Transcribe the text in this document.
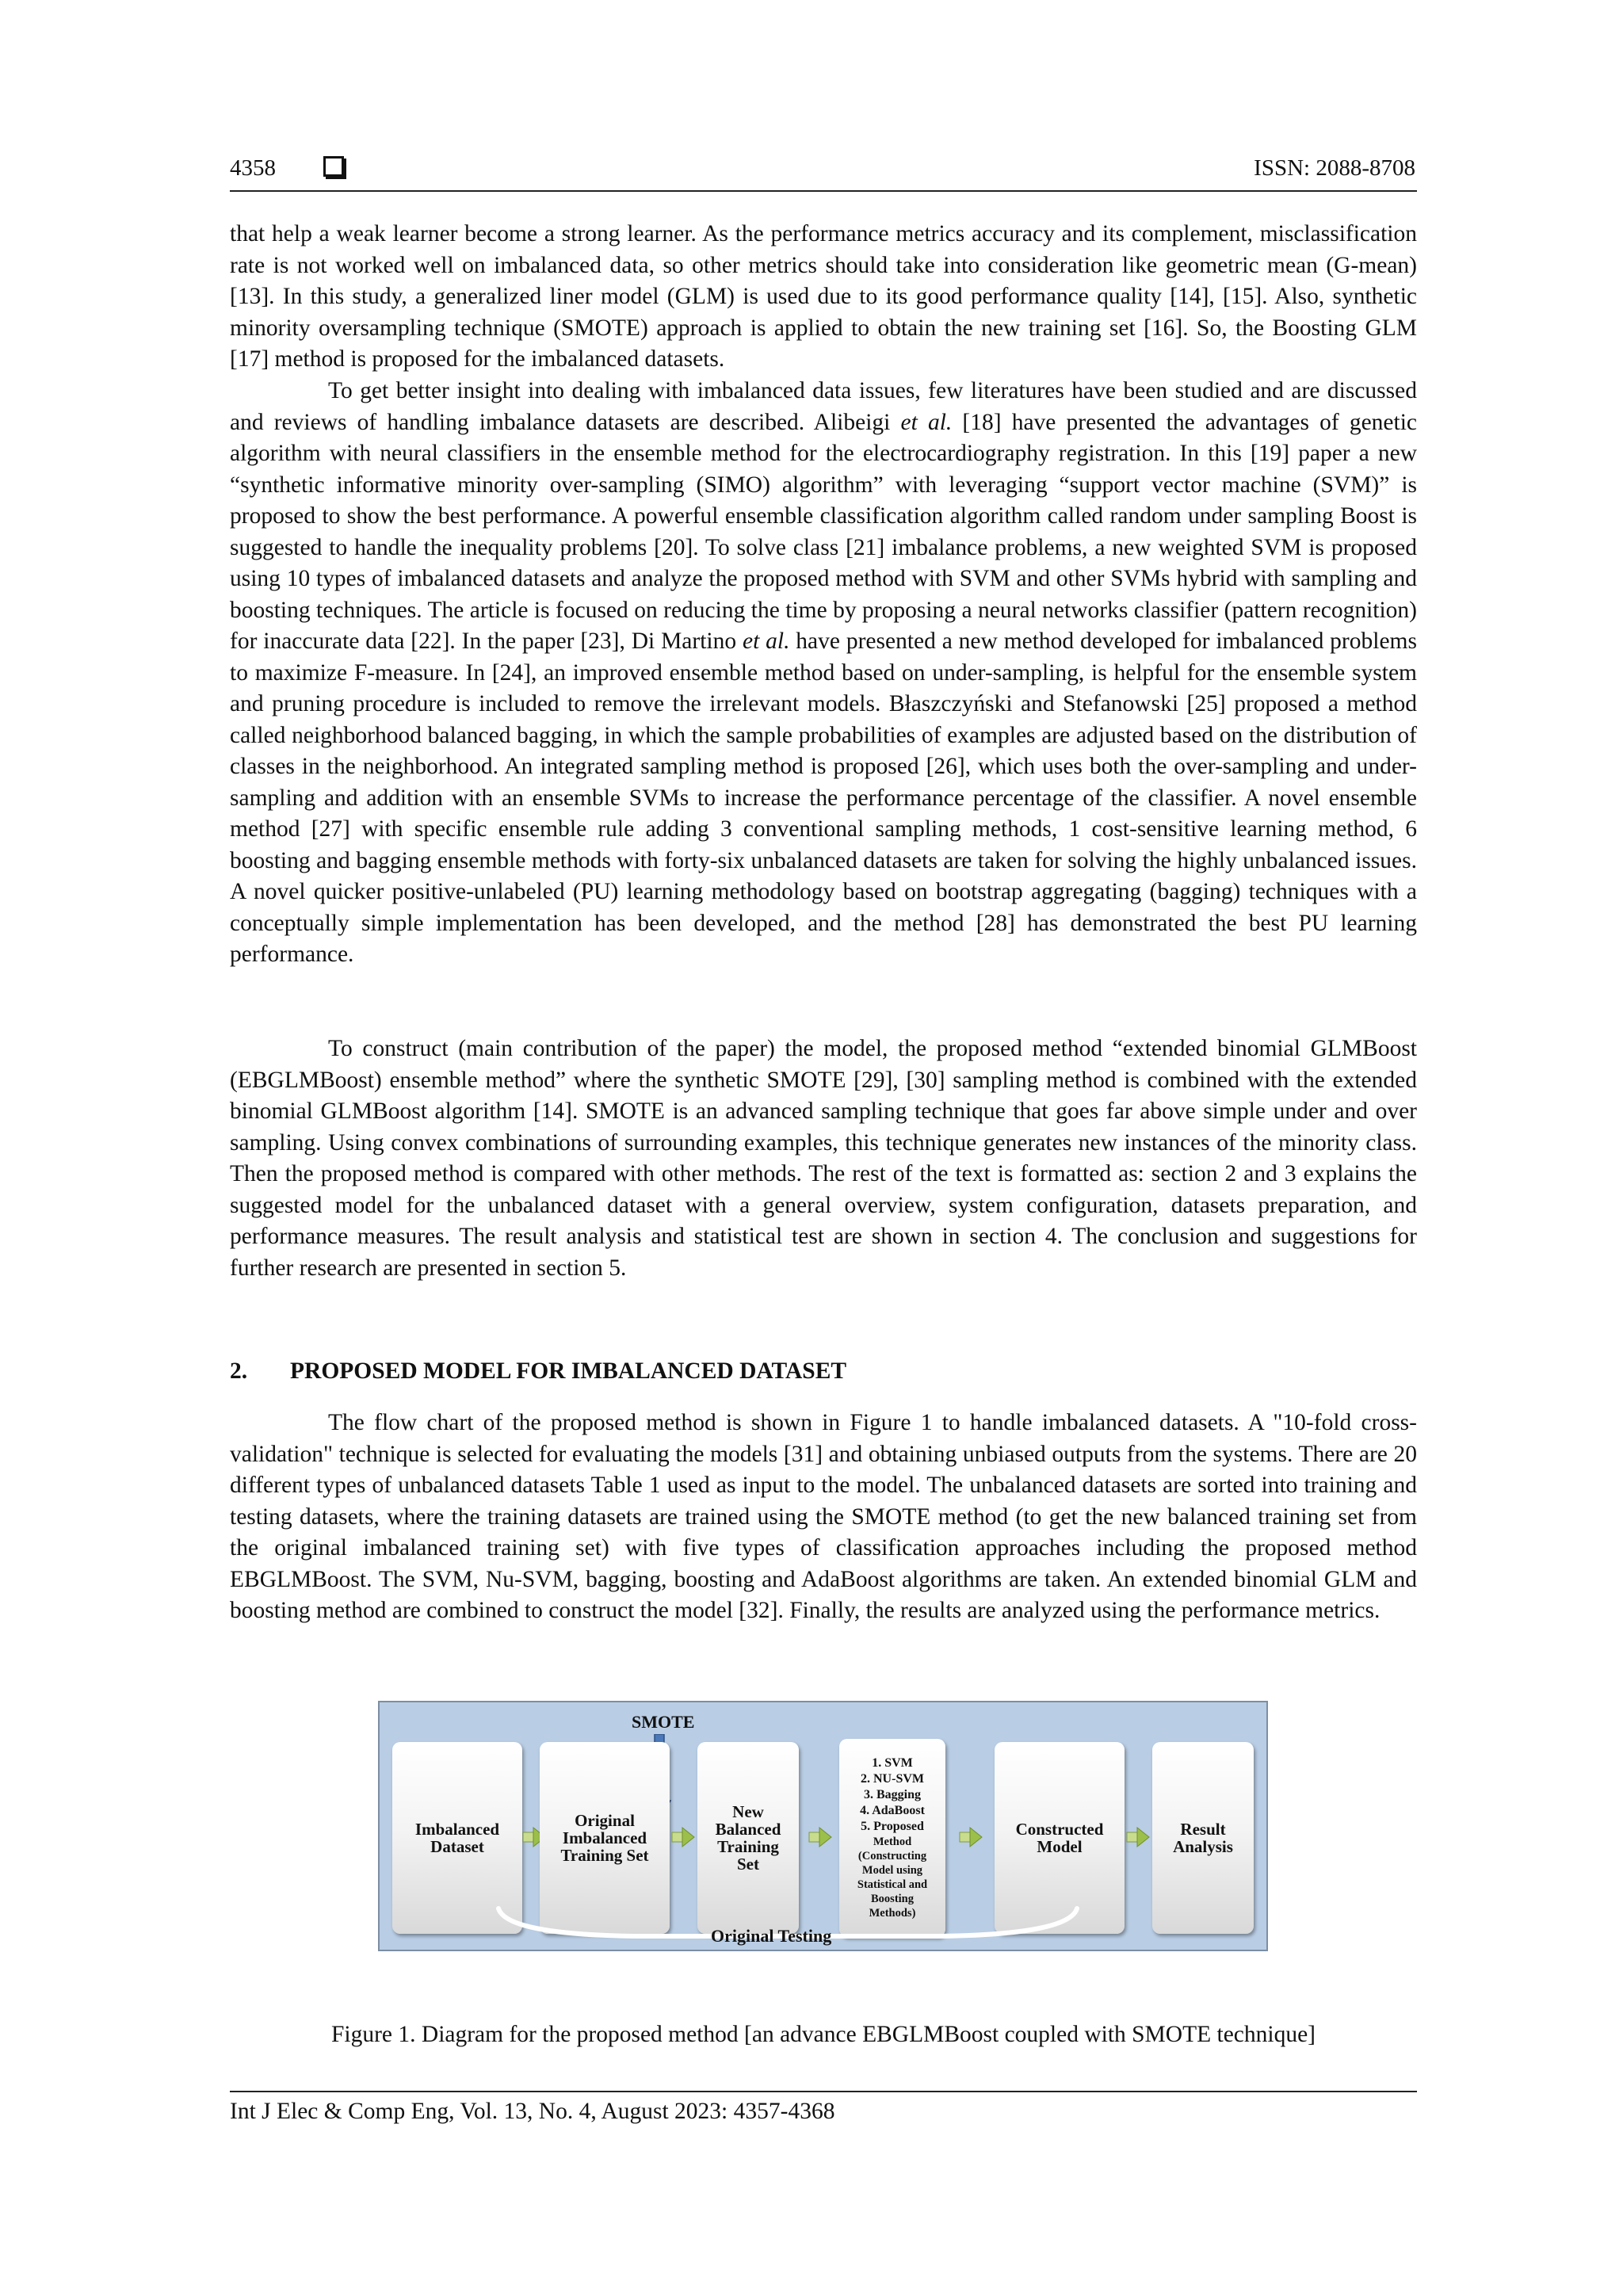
4358	ISSN: 2088-8708

that help a weak learner become a strong learner. As the performance metrics accuracy and its complement, misclassification rate is not worked well on imbalanced data, so other metrics should take into consideration like geometric mean (G-mean)[13]. In this study, a generalized liner model (GLM) is used due to its good performance quality [14], [15]. Also, synthetic minority oversampling technique (SMOTE) approach is applied to obtain the new training set [16]. So, the Boosting GLM [17] method is proposed for the imbalanced datasets.

To get better insight into dealing with imbalanced data issues, few literatures have been studied and are discussed and reviews of handling imbalance datasets are described. Alibeigi et al. [18] have presented the advantages of genetic algorithm with neural classifiers in the ensemble method for the electrocardiography registration. In this [19] paper a new “synthetic informative minority over-sampling (SIMO) algorithm” with leveraging “support vector machine (SVM)” is proposed to show the best performance. A powerful ensemble classification algorithm called random under sampling Boost is suggested to handle the inequality problems [20]. To solve class [21] imbalance problems, a new weighted SVM is proposed using 10 types of imbalanced datasets and analyze the proposed method with SVM and other SVMs hybrid with sampling and boosting techniques. The article is focused on reducing the time by proposing a neural networks classifier (pattern recognition) for inaccurate data [22]. In the paper [23], Di Martino et al. have presented a new method developed for imbalanced problems to maximize F-measure. In [24], an improved ensemble method based on under-sampling, is helpful for the ensemble system and pruning procedure is included to remove the irrelevant models. Błaszczyński and Stefanowski [25] proposed a method called neighborhood balanced bagging, in which the sample probabilities of examples are adjusted based on the distribution of classes in the neighborhood. An integrated sampling method is proposed [26], which uses both the over-sampling and under-sampling and addition with an ensemble SVMs to increase the performance percentage of the classifier. A novel ensemble method [27] with specific ensemble rule adding 3 conventional sampling methods, 1 cost-sensitive learning method, 6 boosting and bagging ensemble methods with forty-six unbalanced datasets are taken for solving the highly unbalanced issues. A novel quicker positive-unlabeled (PU) learning methodology based on bootstrap aggregating (bagging) techniques with a conceptually simple implementation has been developed, and the method [28] has demonstrated the best PU learning performance.

To construct (main contribution of the paper) the model, the proposed method “extended binomial GLMBoost (EBGLMBoost) ensemble method” where the synthetic SMOTE [29], [30] sampling method is combined with the extended binomial GLMBoost algorithm [14]. SMOTE is an advanced sampling technique that goes far above simple under and over sampling. Using convex combinations of surrounding examples, this technique generates new instances of the minority class. Then the proposed method is compared with other methods. The rest of the text is formatted as: section 2 and 3 explains the suggested model for the unbalanced dataset with a general overview, system configuration, datasets preparation, and performance measures. The result analysis and statistical test are shown in section 4. The conclusion and suggestions for further research are presented in section 5.

2. PROPOSED MODEL FOR IMBALANCED DATASET

The flow chart of the proposed method is shown in Figure 1 to handle imbalanced datasets. A "10-fold cross-validation" technique is selected for evaluating the models [31] and obtaining unbiased outputs from the systems. There are 20 different types of unbalanced datasets Table 1 used as input to the model. The unbalanced datasets are sorted into training and testing datasets, where the training datasets are trained using the SMOTE method (to get the new balanced training set from the original imbalanced training set) with five types of classification approaches including the proposed method EBGLMBoost. The SVM, Nu-SVM, bagging, boosting and AdaBoost algorithms are taken. An extended binomial GLM and boosting method are combined to construct the model [32]. Finally, the results are analyzed using the performance metrics.

SMOTE
Imbalanced
Dataset
Original
Imbalanced
Training Set
New
Balanced
Training
Set
1. SVM
2. NU-SVM
3. Bagging
4. AdaBoost
5. Proposed
Method
(Constructing
Model using
Statistical and
Boosting
Methods)
Constructed
Model
Result
Analysis
Original Testing
Figure 1. Diagram for the proposed method [an advance EBGLMBoost coupled with SMOTE technique]
Int J Elec & Comp Eng, Vol. 13, No. 4, August 2023: 4357-4368
